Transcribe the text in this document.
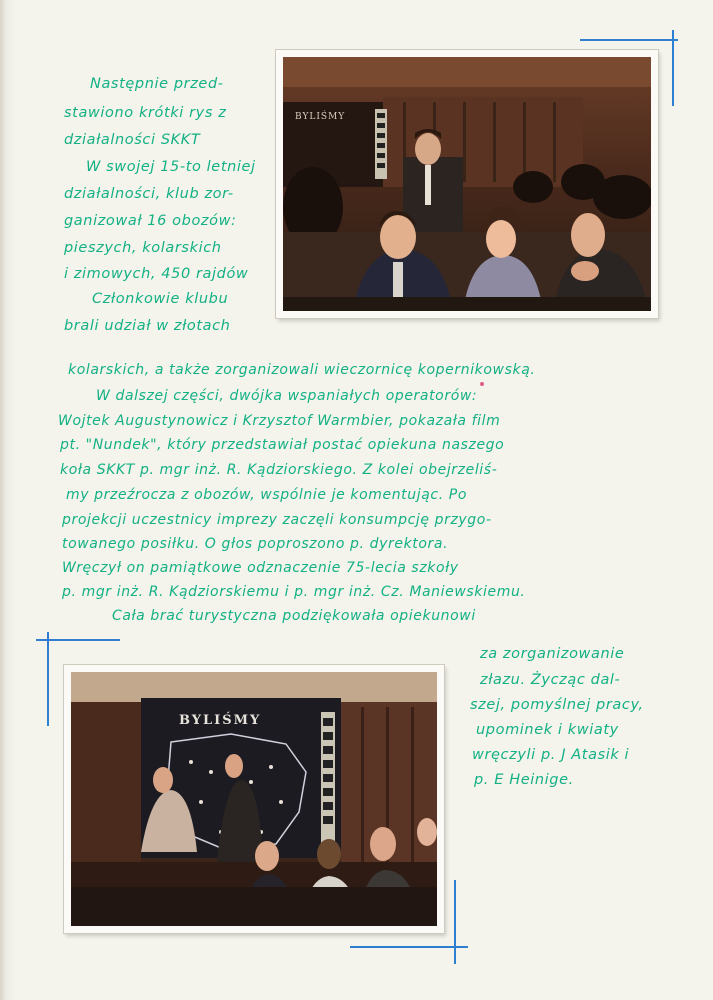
BYLIŚMY

Następnie przed-

stawiono krótki rys z

działalności SKKT

W swojej 15-to letniej

działalności, klub zor-

ganizował 16 obozów:

pieszych, kolarskich

i zimowych, 450 rajdów

Członkowie klubu

brali udział w złotach

kolarskich, a także zorganizowali wieczornicę kopernikowską.

W dalszej części, dwójka wspaniałych operatorów:

Wojtek Augustynowicz i Krzysztof Warmbier, pokazała film

pt. "Nundek", który przedstawiał postać opiekuna naszego

koła SKKT p. mgr inż. R. Kądziorskiego. Z kolei obejrzeliś-

my przeźrocza z obozów, wspólnie je komentując. Po

projekcji uczestnicy imprezy zaczęli konsumpcję przygo-

towanego posiłku. O głos poproszono p. dyrektora.

Wręczył on pamiątkowe odznaczenie 75-lecia szkoły

p. mgr inż. R. Kądziorskiemu i p. mgr inż. Cz. Maniewskiemu.

Cała brać turystyczna podziękowała opiekunowi

BYLIŚMY

za zorganizowanie

złazu. Życząc dal-

szej, pomyślnej pracy,

upominek i kwiaty

wręczyli p. J Atasik i

p. E Heinige.
